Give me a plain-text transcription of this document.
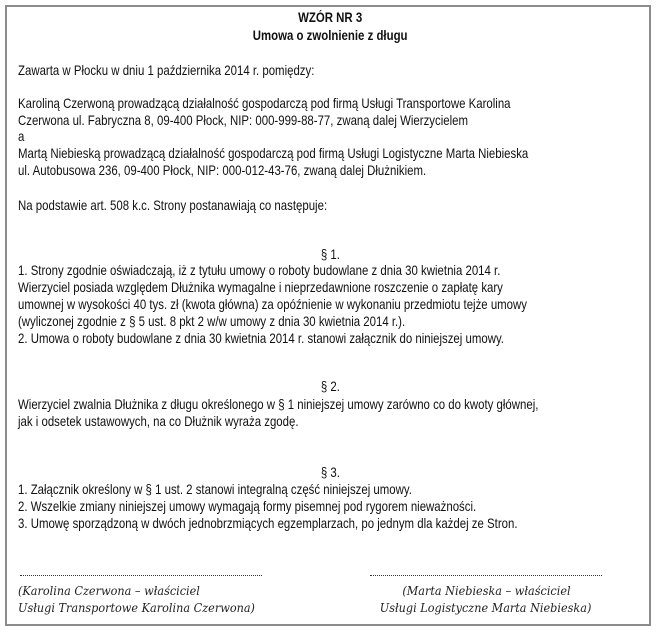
WZÓR NR 3
Umowa o zwolnienie z długu
Zawarta w Płocku w dniu 1 października 2014 r. pomiędzy:
Karoliną Czerwoną prowadzącą działalność gospodarczą pod firmą Usługi Transportowe Karolina
Czerwona ul. Fabryczna 8, 09-400 Płock, NIP: 000-999-88-77, zwaną dalej Wierzycielem
a
Martą Niebieską prowadzącą działalność gospodarczą pod firmą Usługi Logistyczne Marta Niebieska
ul. Autobusowa 236, 09-400 Płock, NIP: 000-012-43-76, zwaną dalej Dłużnikiem.
Na podstawie art. 508 k.c. Strony postanawiają co następuje:
§ 1.
1. Strony zgodnie oświadczają, iż z tytułu umowy o roboty budowlane z dnia 30 kwietnia 2014 r.
Wierzyciel posiada względem Dłużnika wymagalne i nieprzedawnione roszczenie o zapłatę kary
umownej w wysokości 40 tys. zł (kwota główna) za opóźnienie w wykonaniu przedmiotu tejże umowy
(wyliczonej zgodnie z § 5 ust. 8 pkt 2 w/w umowy z dnia 30 kwietnia 2014 r.).
2. Umowa o roboty budowlane z dnia 30 kwietnia 2014 r. stanowi załącznik do niniejszej umowy.
§ 2.
Wierzyciel zwalnia Dłużnika z długu określonego w § 1 niniejszej umowy zarówno co do kwoty głównej,
jak i odsetek ustawowych, na co Dłużnik wyraża zgodę.
§ 3.
1. Załącznik określony w § 1 ust. 2 stanowi integralną część niniejszej umowy.
2. Wszelkie zmiany niniejszej umowy wymagają formy pisemnej pod rygorem nieważności.
3. Umowę sporządzoną w dwóch jednobrzmiących egzemplarzach, po jednym dla każdej ze Stron.
(Karolina Czerwona – właściciel
Usługi Transportowe Karolina Czerwona)
(Marta Niebieska – właściciel
Usługi Logistyczne Marta Niebieska)
